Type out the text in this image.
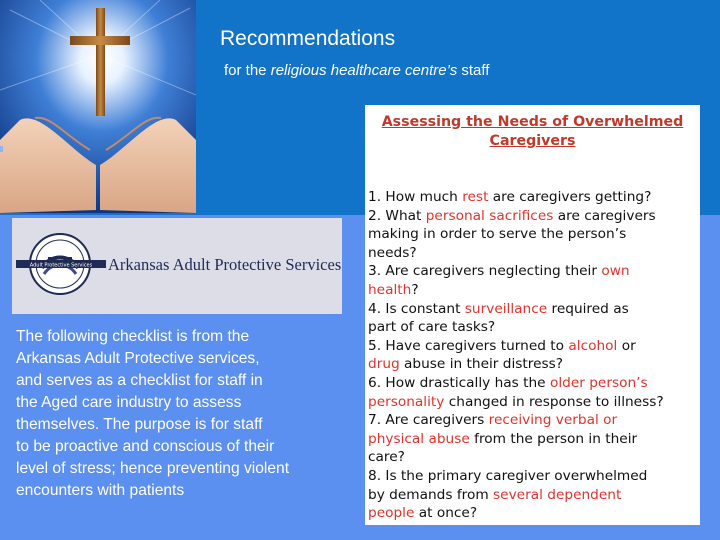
Recommendations
for the religious healthcare centre’s staff
Adult Protective Services Arkansas Adult Protective Services
The following checklist is from the
Arkansas Adult Protective services,
and serves as a checklist for staff in
the Aged care industry to assess
themselves. The purpose is for staff
to be proactive and conscious of their
level of stress; hence preventing violent
encounters with patients
Assessing the Needs of Overwhelmed
Caregivers
1. How much rest are caregivers getting?
2. What personal sacrifices are caregivers
making in order to serve the person’s
needs?
3. Are caregivers neglecting their own
health?
4. Is constant surveillance required as
part of care tasks?
5. Have caregivers turned to alcohol or
drug abuse in their distress?
6. How drastically has the older person’s
personality changed in response to illness?
7. Are caregivers receiving verbal or
physical abuse from the person in their
care?
8. Is the primary caregiver overwhelmed
by demands from several dependent
people at once?
